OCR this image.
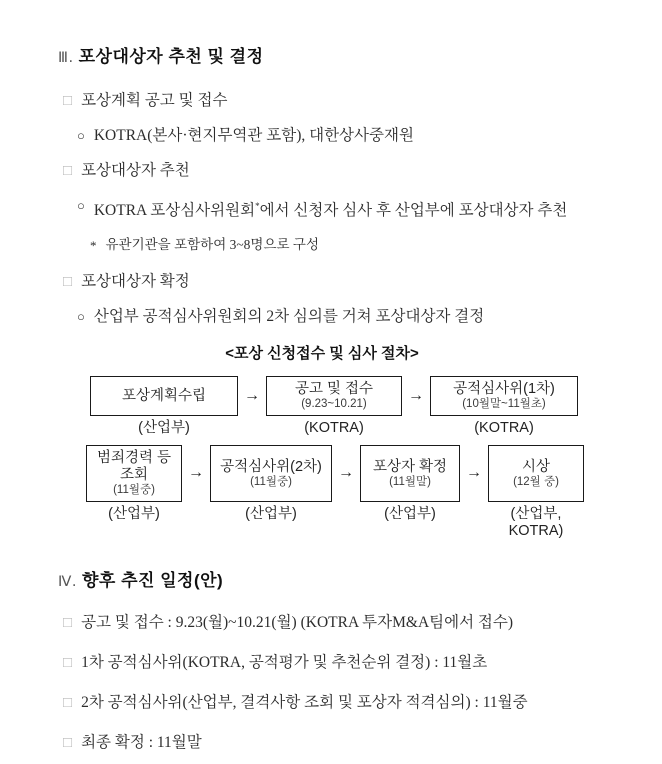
Ⅲ. 포상대상자 추천 및 결정
□ 포상계획 공고 및 접수
○ KOTRA(본사·현지무역관 포함), 대한상사중재원
□ 포상대상자 추천
○ KOTRA 포상심사위원회*에서 신청자 심사 후 산업부에 포상대상자 추천
* 유관기관을 포함하여 3~8명으로 구성
□ 포상대상자 확정
○ 산업부 공적심사위원회의 2차 심의를 거쳐 포상대상자 결정
<포상 신청접수 및 심사 절차>
포상계획수립
(산업부)
→	공고 및 접수
(9.23~10.21)
(KOTRA)
→	공적심사위(1차)
(10월말~11월초)
(KOTRA)
범죄경력 등
조회
(11월중)
(산업부)
→	공적심사위(2차)
(11월중)
(산업부)
→	포상자 확정
(11월말)
(산업부)
→	시상
(12월 중)
(산업부,
KOTRA)
Ⅳ. 향후 추진 일정(안)
□ 공고 및 접수 : 9.23(월)~10.21(월) (KOTRA 투자M&A팀에서 접수)
□ 1차 공적심사위(KOTRA, 공적평가 및 추천순위 결정) : 11월초
□ 2차 공적심사위(산업부, 결격사항 조회 및 포상자 적격심의) : 11월중
□ 최종 확정 : 11월말
